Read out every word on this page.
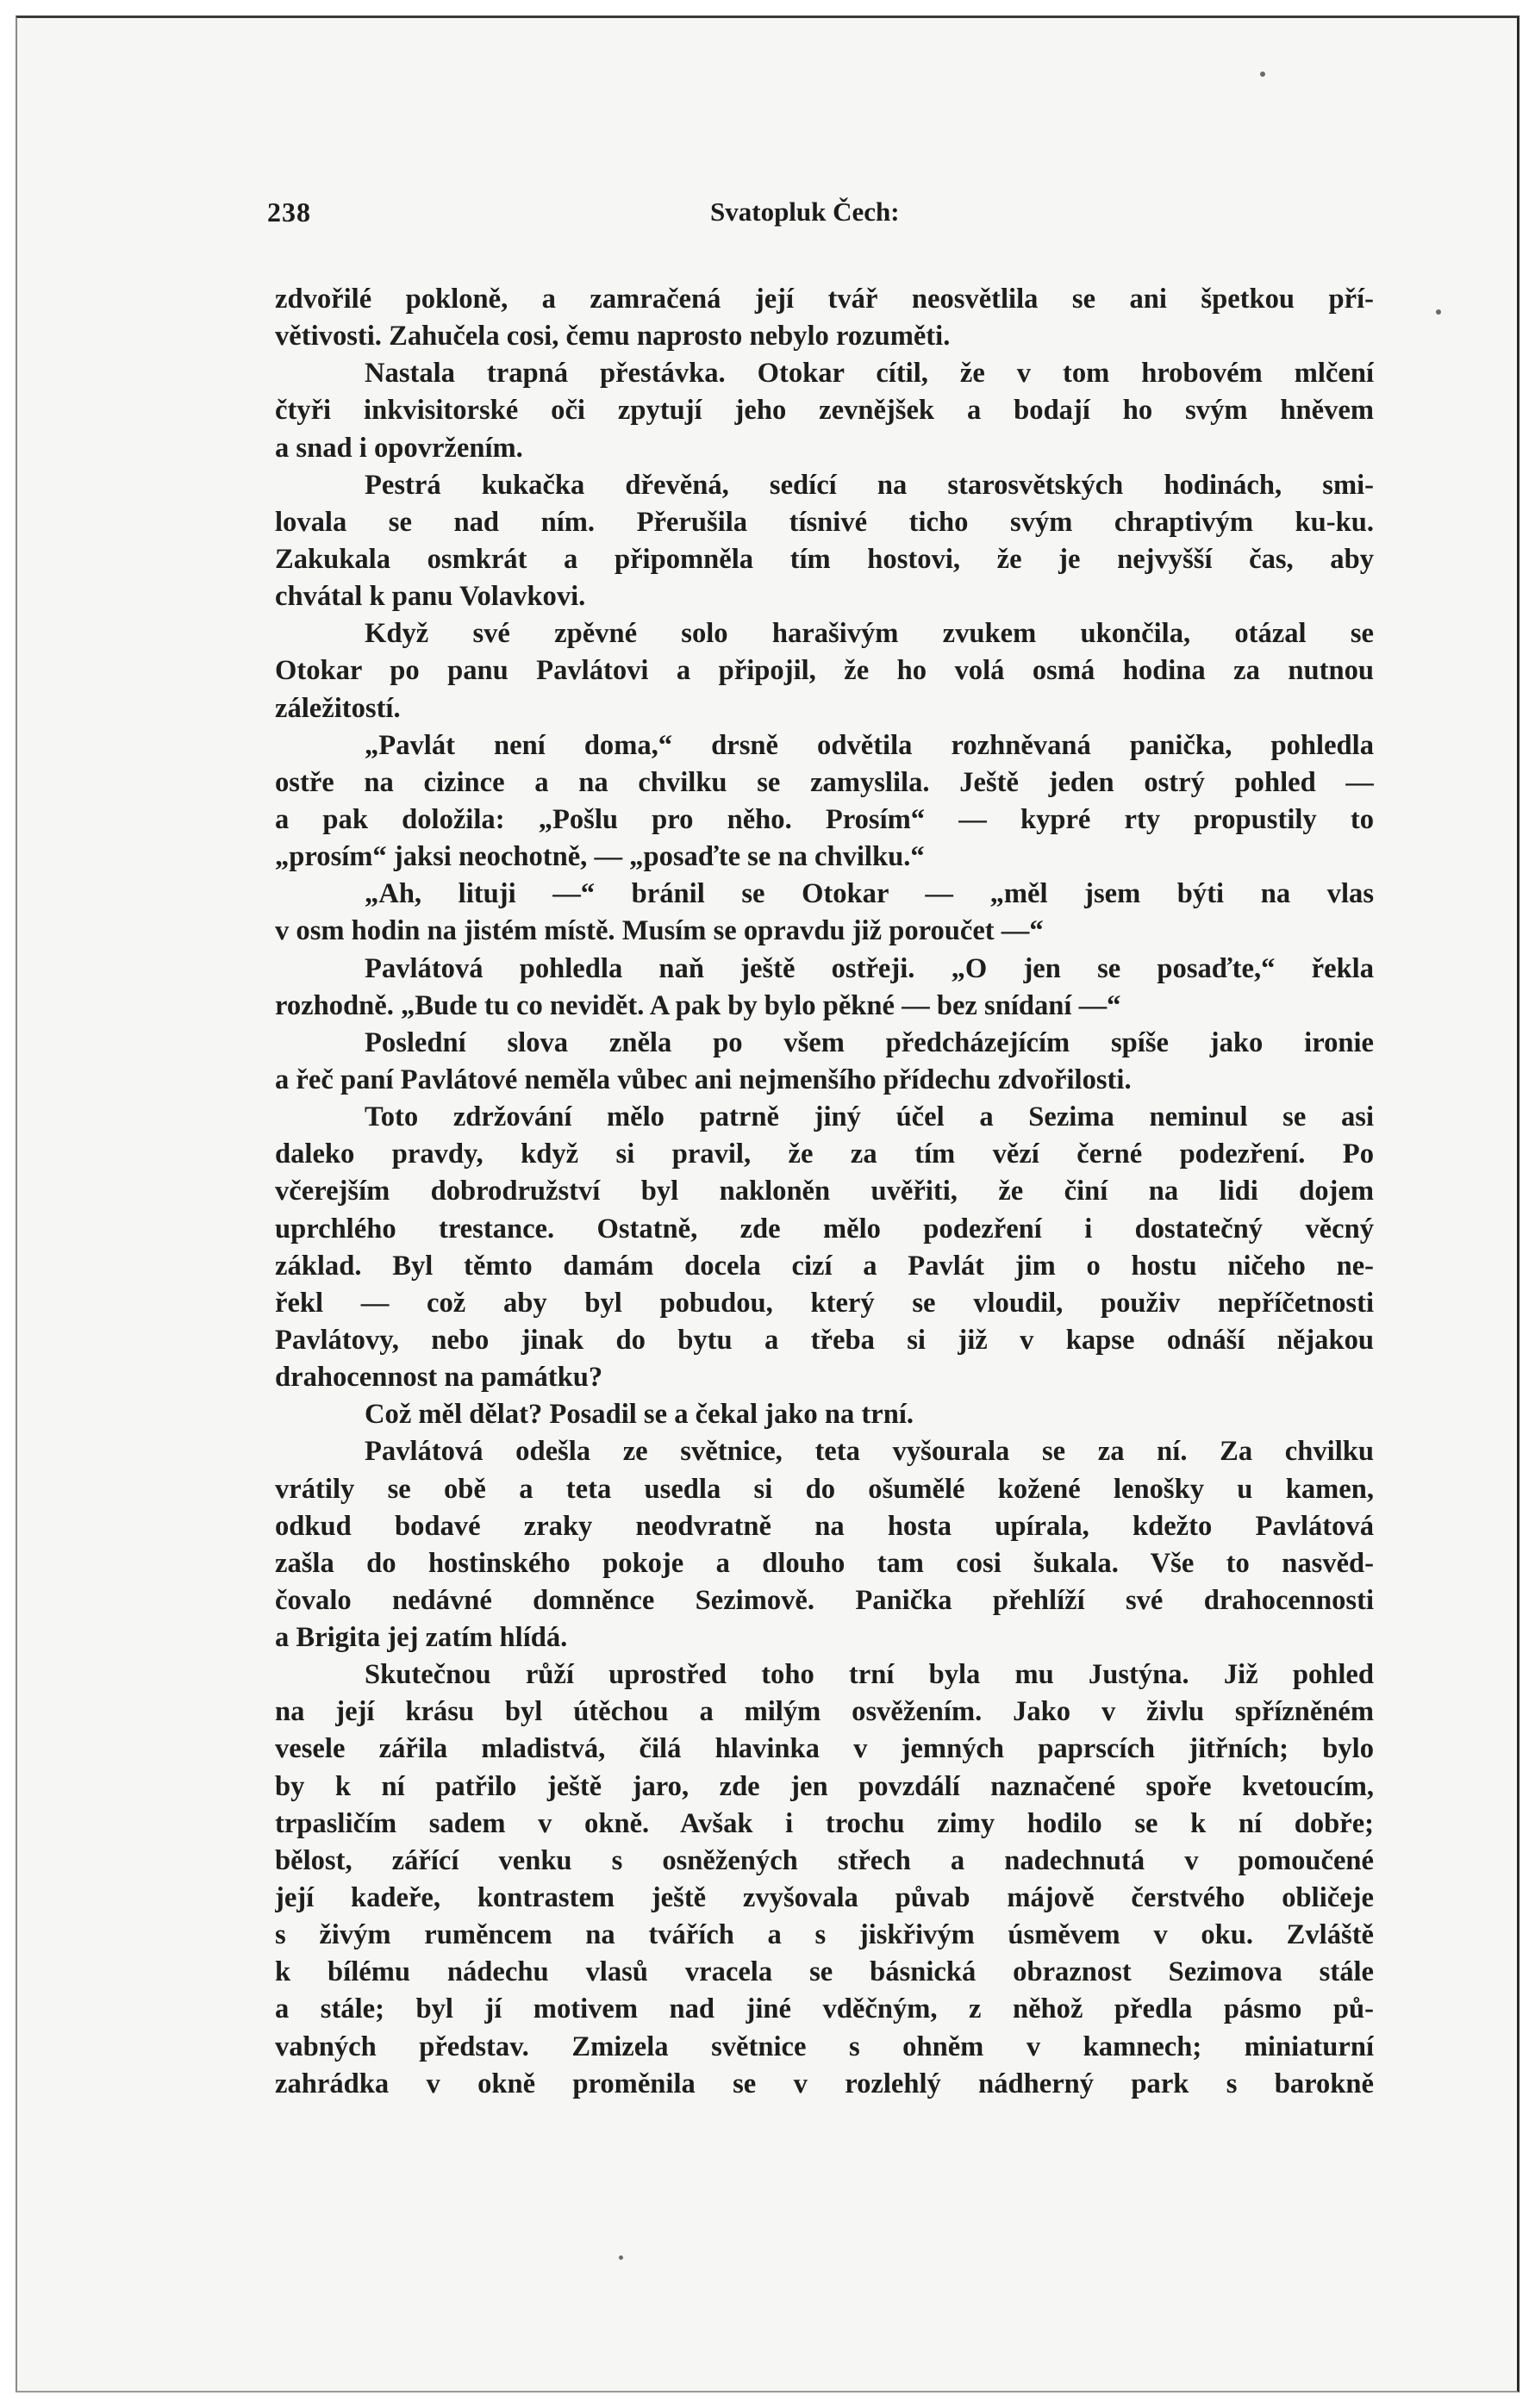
238	Svatopluk Čech:
zdvořilé pokloně, a zamračená její tvář neosvětlila se ani špetkou pří-
větivosti. Zahučela cosi, čemu naprosto nebylo rozuměti.
Nastala trapná přestávka. Otokar cítil, že v tom hrobovém mlčení
čtyři inkvisitorské oči zpytují jeho zevnějšek a bodají ho svým hněvem
a snad i opovržením.
Pestrá kukačka dřevěná, sedící na starosvětských hodinách, smi-
lovala se nad ním. Přerušila tísnivé ticho svým chraptivým ku-ku.
Zakukala osmkrát a připomněla tím hostovi, že je nejvyšší čas, aby
chvátal k panu Volavkovi.
Když své zpěvné solo harašivým zvukem ukončila, otázal se
Otokar po panu Pavlátovi a připojil, že ho volá osmá hodina za nutnou
záležitostí.
„Pavlát není doma,“ drsně odvětila rozhněvaná panička, pohledla
ostře na cizince a na chvilku se zamyslila. Ještě jeden ostrý pohled —
a pak doložila: „Pošlu pro něho. Prosím“ — kypré rty propustily to
„prosím“ jaksi neochotně, — „posaďte se na chvilku.“
„Ah, lituji —“ bránil se Otokar — „měl jsem býti na vlas
v osm hodin na jistém místě. Musím se opravdu již poroučet —“
Pavlátová pohledla naň ještě ostřeji. „O jen se posaďte,“ řekla
rozhodně. „Bude tu co nevidět. A pak by bylo pěkné — bez snídaní —“
Poslední slova zněla po všem předcházejícím spíše jako ironie
a řeč paní Pavlátové neměla vůbec ani nejmenšího přídechu zdvořilosti.
Toto zdržování mělo patrně jiný účel a Sezima neminul se asi
daleko pravdy, když si pravil, že za tím vězí černé podezření. Po
včerejším dobrodružství byl nakloněn uvěřiti, že činí na lidi dojem
uprchlého trestance. Ostatně, zde mělo podezření i dostatečný věcný
základ. Byl těmto damám docela cizí a Pavlát jim o hostu ničeho ne-
řekl — což aby byl pobudou, který se vloudil, použiv nepříčetnosti
Pavlátovy, nebo jinak do bytu a třeba si již v kapse odnáší nějakou
drahocennost na památku?
Což měl dělat? Posadil se a čekal jako na trní.
Pavlátová odešla ze světnice, teta vyšourala se za ní. Za chvilku
vrátily se obě a teta usedla si do ošumělé kožené lenošky u kamen,
odkud bodavé zraky neodvratně na hosta upírala, kdežto Pavlátová
zašla do hostinského pokoje a dlouho tam cosi šukala. Vše to nasvěd-
čovalo nedávné domněnce Sezimově. Panička přehlíží své drahocennosti
a Brigita jej zatím hlídá.
Skutečnou růží uprostřed toho trní byla mu Justýna. Již pohled
na její krásu byl útěchou a milým osvěžením. Jako v živlu spřízněném
vesele zářila mladistvá, čilá hlavinka v jemných paprscích jitřních; bylo
by k ní patřilo ještě jaro, zde jen povzdálí naznačené spoře kvetoucím,
trpasličím sadem v okně. Avšak i trochu zimy hodilo se k ní dobře;
bělost, zářící venku s osněžených střech a nadechnutá v pomoučené
její kadeře, kontrastem ještě zvyšovala půvab májově čerstvého obličeje
s živým ruměncem na tvářích a s jiskřivým úsměvem v oku. Zvláště
k bílému nádechu vlasů vracela se básnická obraznost Sezimova stále
a stále; byl jí motivem nad jiné vděčným, z něhož předla pásmo pů-
vabných představ. Zmizela světnice s ohněm v kamnech; miniaturní
zahrádka v okně proměnila se v rozlehlý nádherný park s barokně
